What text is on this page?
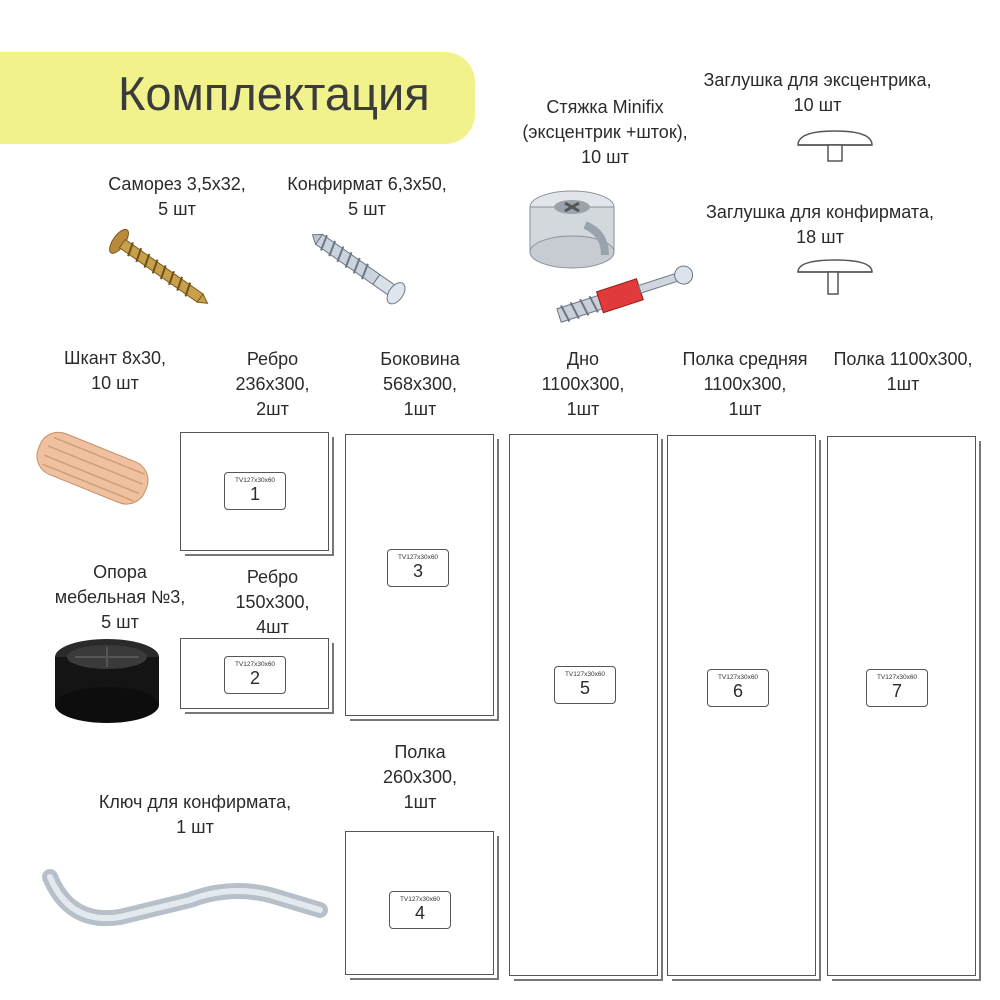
Комплектация
Саморез 3,5х32,
5 шт
Конфирмат 6,3х50,
5 шт
Стяжка Minifix
(эксцентрик +шток),
10 шт
Заглушка для эксцентрика,
10 шт
Заглушка для конфирмата,
18 шт
Шкант 8х30,
10 шт
Опора
мебельная №3,
5 шт
Ключ для конфирмата,
1 шт
Ребро
236х300,
2шт
Ребро
150х300,
4шт
Боковина
568х300,
1шт
Полка
260х300,
1шт
Дно
1100х300,
1шт
Полка средняя
1100х300,
1шт
Полка 1100х300,
1шт
TV127x30x60
1
TV127x30x60
2
TV127x30x60
3
TV127x30x60
4
TV127x30x60
5
TV127x30x60
6
TV127x30x60
7
